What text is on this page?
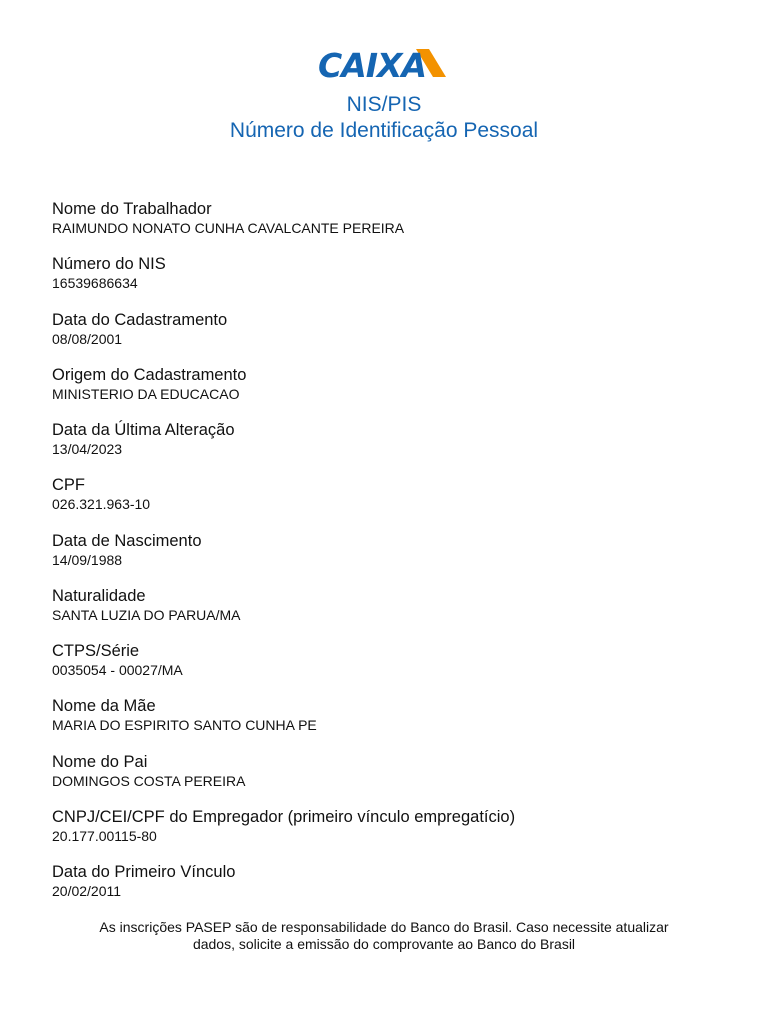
CAIXA

NIS/PIS

Número de Identificação Pessoal

Nome do Trabalhador

RAIMUNDO NONATO CUNHA CAVALCANTE PEREIRA

Número do NIS

16539686634

Data do Cadastramento

08/08/2001

Origem do Cadastramento

MINISTERIO DA EDUCACAO

Data da Última Alteração

13/04/2023

CPF

026.321.963-10

Data de Nascimento

14/09/1988

Naturalidade

SANTA LUZIA DO PARUA/MA

CTPS/Série

0035054 - 00027/MA

Nome da Mãe

MARIA DO ESPIRITO SANTO CUNHA PE

Nome do Pai

DOMINGOS COSTA PEREIRA

CNPJ/CEI/CPF do Empregador (primeiro vínculo empregatício)

20.177.00115-80

Data do Primeiro Vínculo

20/02/2011

As inscrições PASEP são de responsabilidade do Banco do Brasil. Caso necessite atualizar

dados, solicite a emissão do comprovante ao Banco do Brasil
